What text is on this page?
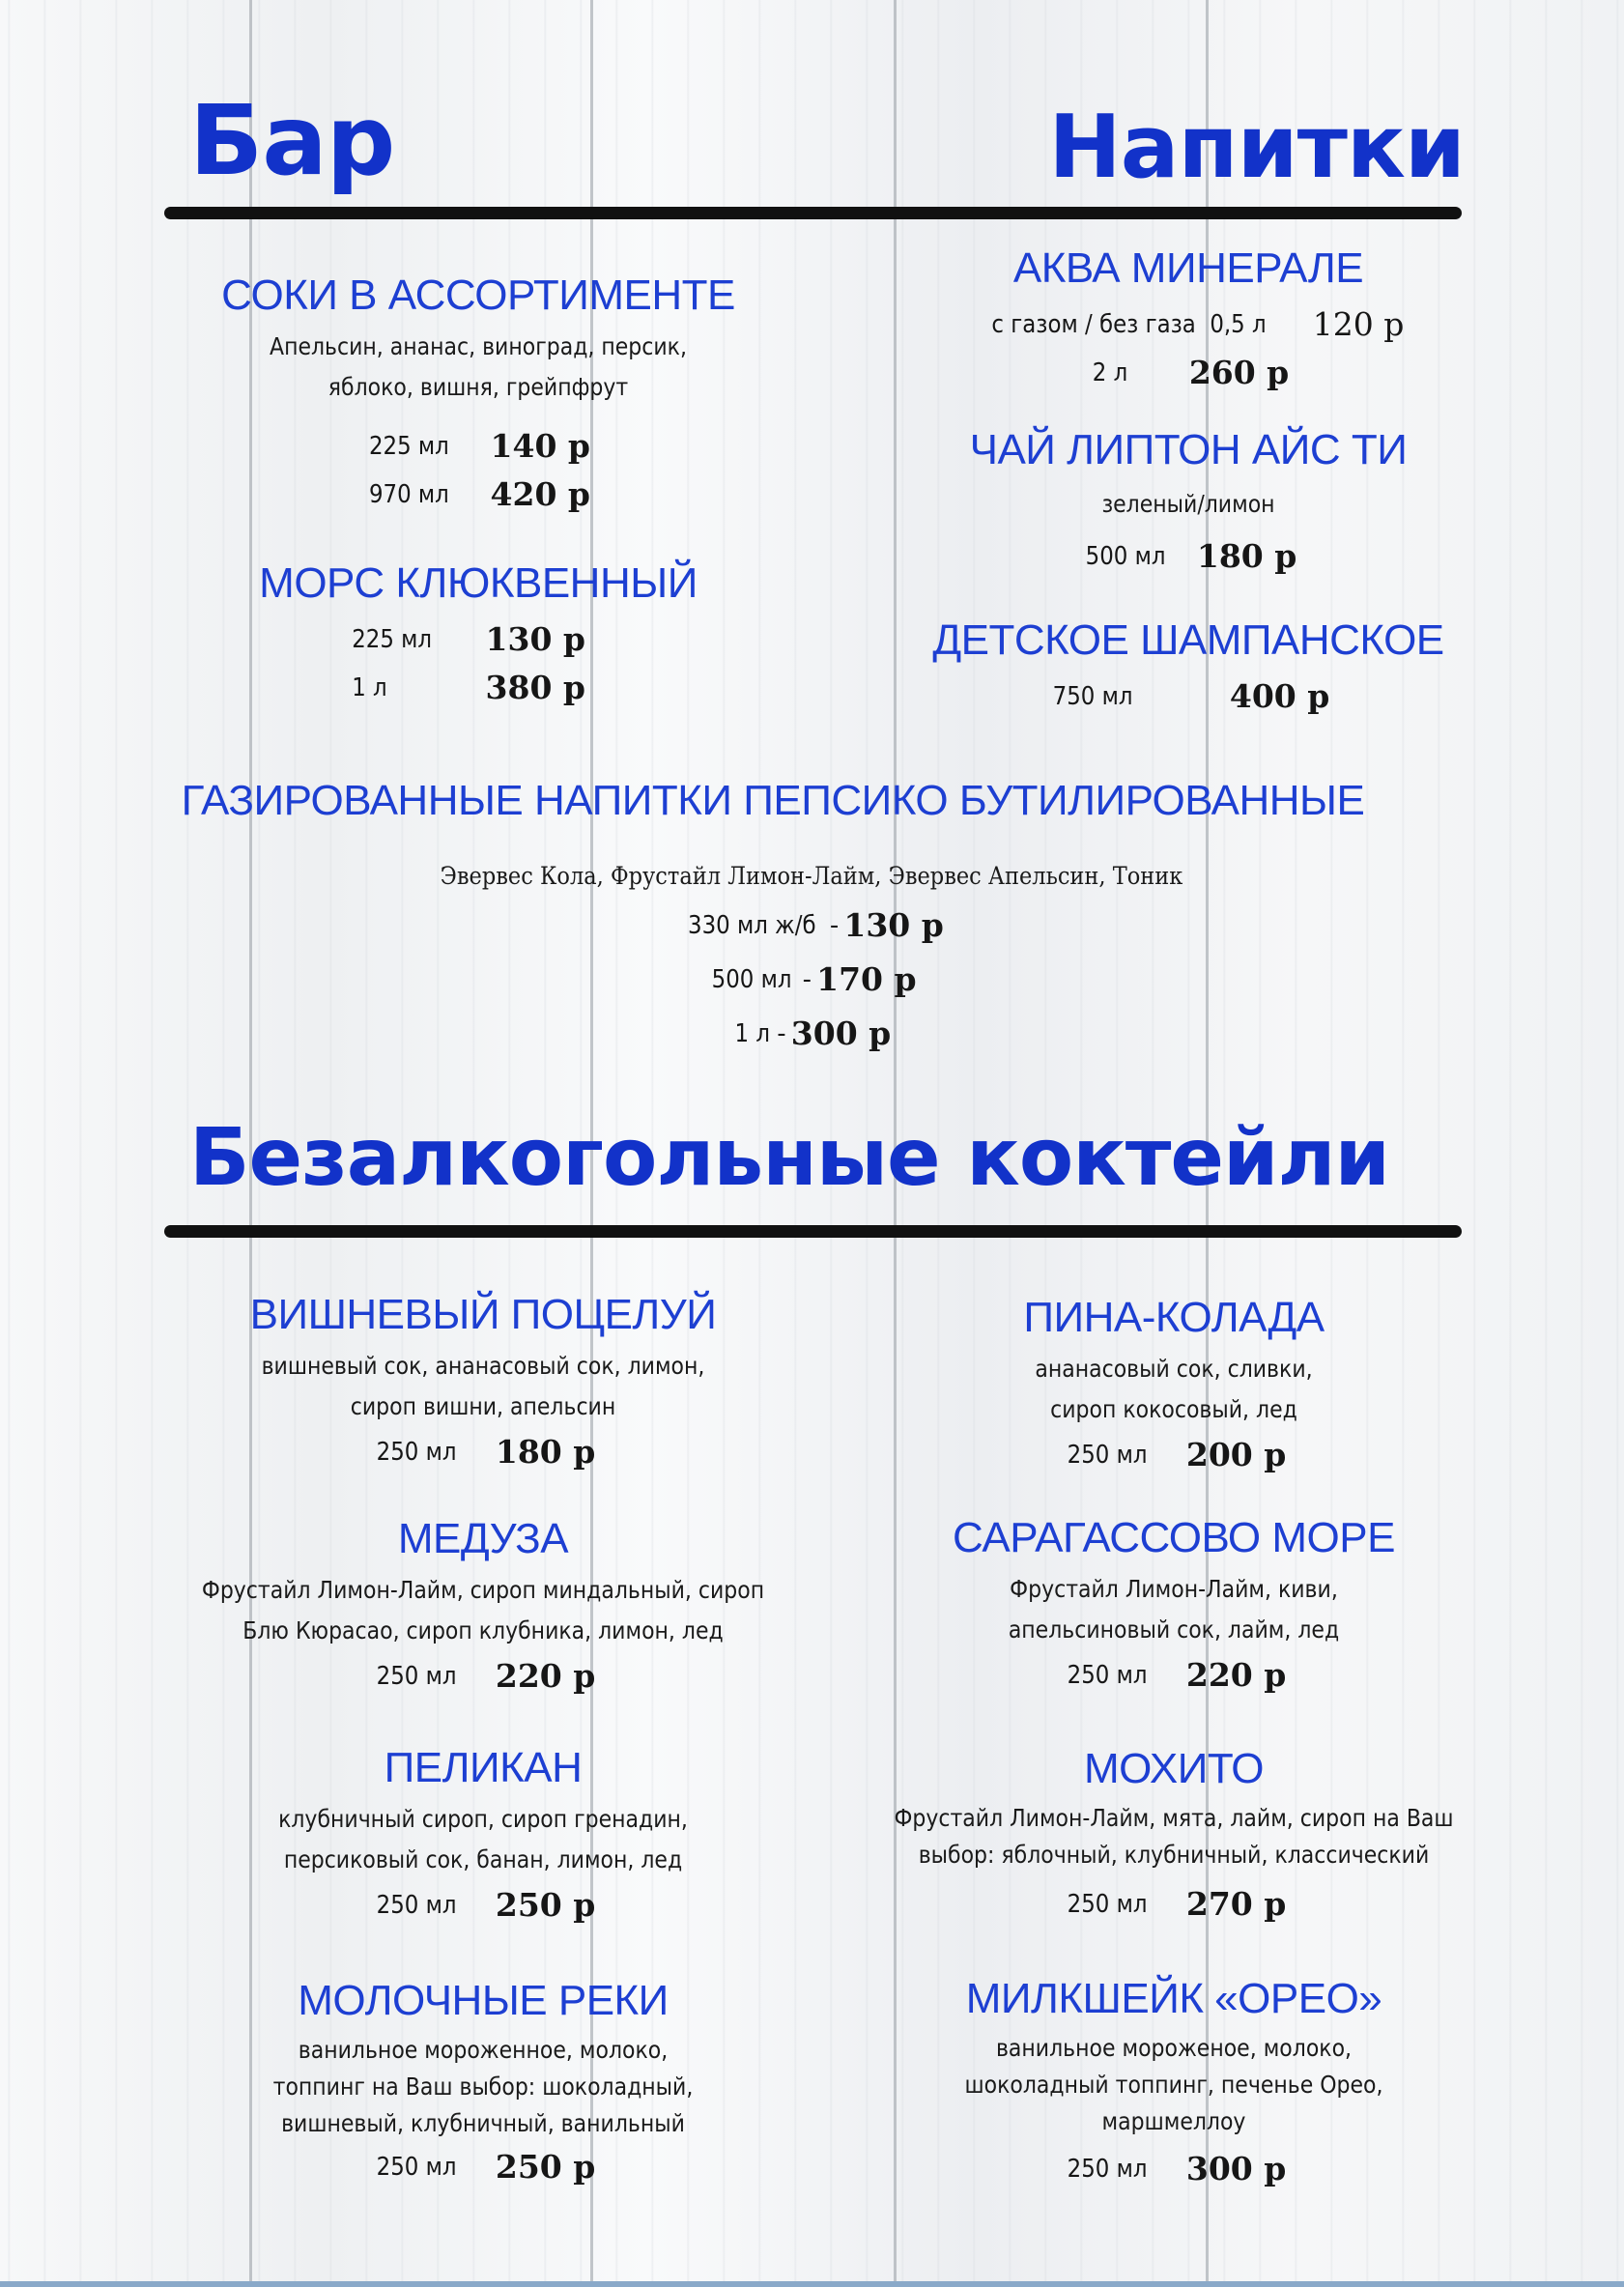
Бар	Напитки
СОКИ В АССОРТИМЕНТЕ
Апельсин, ананас, виноград, персик,
яблоко, вишня, грейпфрут
225 мл 140 р
970 мл 420 р
МОРС КЛЮКВЕННЫЙ
225 мл 130 р
1 л	380 р
АКВА МИНЕРАЛЕ
с газом / без газа  0,5 л 120 р
2 л 260 р
ЧАЙ ЛИПТОН АЙС ТИ
зеленый/лимон
500 мл 180 р
ДЕТСКОЕ ШАМПАНСКОЕ
750 мл	400 р
ГАЗИРОВАННЫЕ НАПИТКИ ПЕПСИКО БУТИЛИРОВАННЫЕ
Эвервес Кола, Фрустайл Лимон-Лайм, Эвервес Апельсин, Тоник
330 мл ж/б - 130 р
500 мл - 170 р
1 л - 300 р
Безалкогольные коктейли
ВИШНЕВЫЙ ПОЦЕЛУЙ
вишневый сок, ананасовый сок, лимон,
сироп вишни, апельсин
250 мл 180 р
МЕДУЗА
Фрустайл Лимон-Лайм, сироп миндальный, сироп
Блю Кюрасао, сироп клубника, лимон, лед
250 мл 220 р
ПЕЛИКАН
клубничный сироп, сироп гренадин,
персиковый сок, банан, лимон, лед
250 мл 250 р
МОЛОЧНЫЕ РЕКИ
ванильное мороженное, молоко,
топпинг на Ваш выбор: шоколадный,
вишневый, клубничный, ванильный
250 мл 250 р
ПИНА-КОЛАДА
ананасовый сок, сливки,
сироп кокосовый, лед
250 мл 200 р
САРАГАССОВО МОРЕ
Фрустайл Лимон-Лайм, киви,
апельсиновый сок, лайм, лед
250 мл 220 р
МОХИТО
Фрустайл Лимон-Лайм, мята, лайм, сироп на Ваш
выбор: яблочный, клубничный, классический
250 мл 270 р
МИЛКШЕЙК «ОРЕО»
ванильное мороженое, молоко,
шоколадный топпинг, печенье Орео,
маршмеллоу
250 мл 300 р
